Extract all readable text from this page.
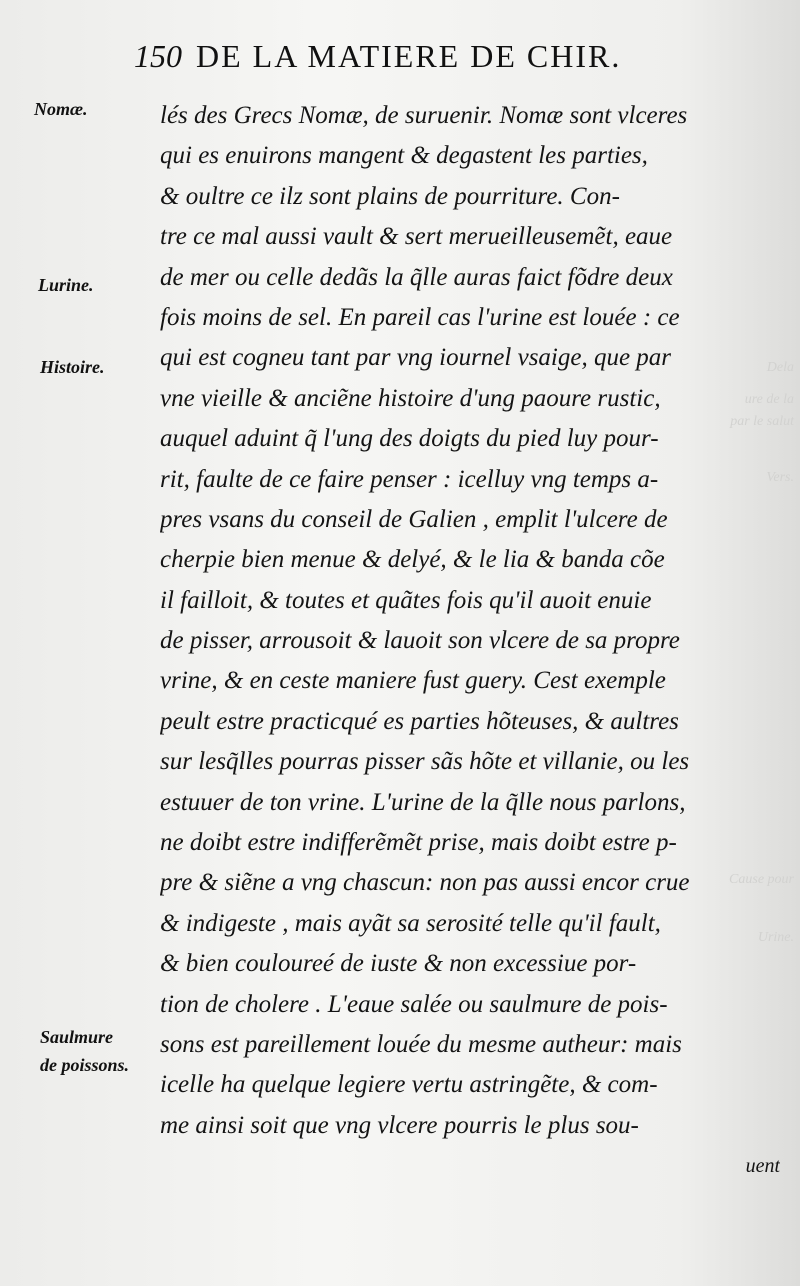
Dela
ure de la
par le salut
Vers.
Cause pour
Urine.
150 DE LA MATIERE DE CHIR.
Nomæ.
Lurine.
Histoire.
Saulmure
de poissons.
lés des Grecs Nomæ, de suruenir. Nomæ sont vlceres
qui es enuirons mangent & degastent les parties,
& oultre ce ilz sont plains de pourriture. Con-
tre ce mal aussi vault & sert merueilleusemẽt, eaue
de mer ou celle dedãs la q̃lle auras faict fõdre deux
fois moins de sel. En pareil cas l'urine est louée : ce
qui est cogneu tant par vng iournel vsaige, que par
vne vieille & anciẽne histoire d'ung paoure rustic,
auquel aduint q̃ l'ung des doigts du pied luy pour-
rit, faulte de ce faire penser : icelluy vng temps a-
pres vsans du conseil de Galien , emplit l'ulcere de
cherpie bien menue & delyé, & le lia & banda cõe
il failloit, & toutes et quãtes fois qu'il auoit enuie
de pisser, arrousoit & lauoit son vlcere de sa propre
vrine, & en ceste maniere fust guery. Cest exemple
peult estre practicqué es parties hõteuses, & aultres
sur lesq̃lles pourras pisser sãs hõte et villanie, ou les
estuuer de ton vrine. L'urine de la q̃lle nous parlons,
ne doibt estre indifferẽmẽt prise, mais doibt estre p-
pre & siẽne a vng chascun: non pas aussi encor crue
& indigeste , mais ayãt sa serosité telle qu'il fault,
& bien couloureé de iuste & non excessiue por-
tion de cholere . L'eaue salée ou saulmure de pois-
sons est pareillement louée du mesme autheur: mais
icelle ha quelque legiere vertu astringẽte, & com-
me ainsi soit que vng vlcere pourris le plus sou-
uent
